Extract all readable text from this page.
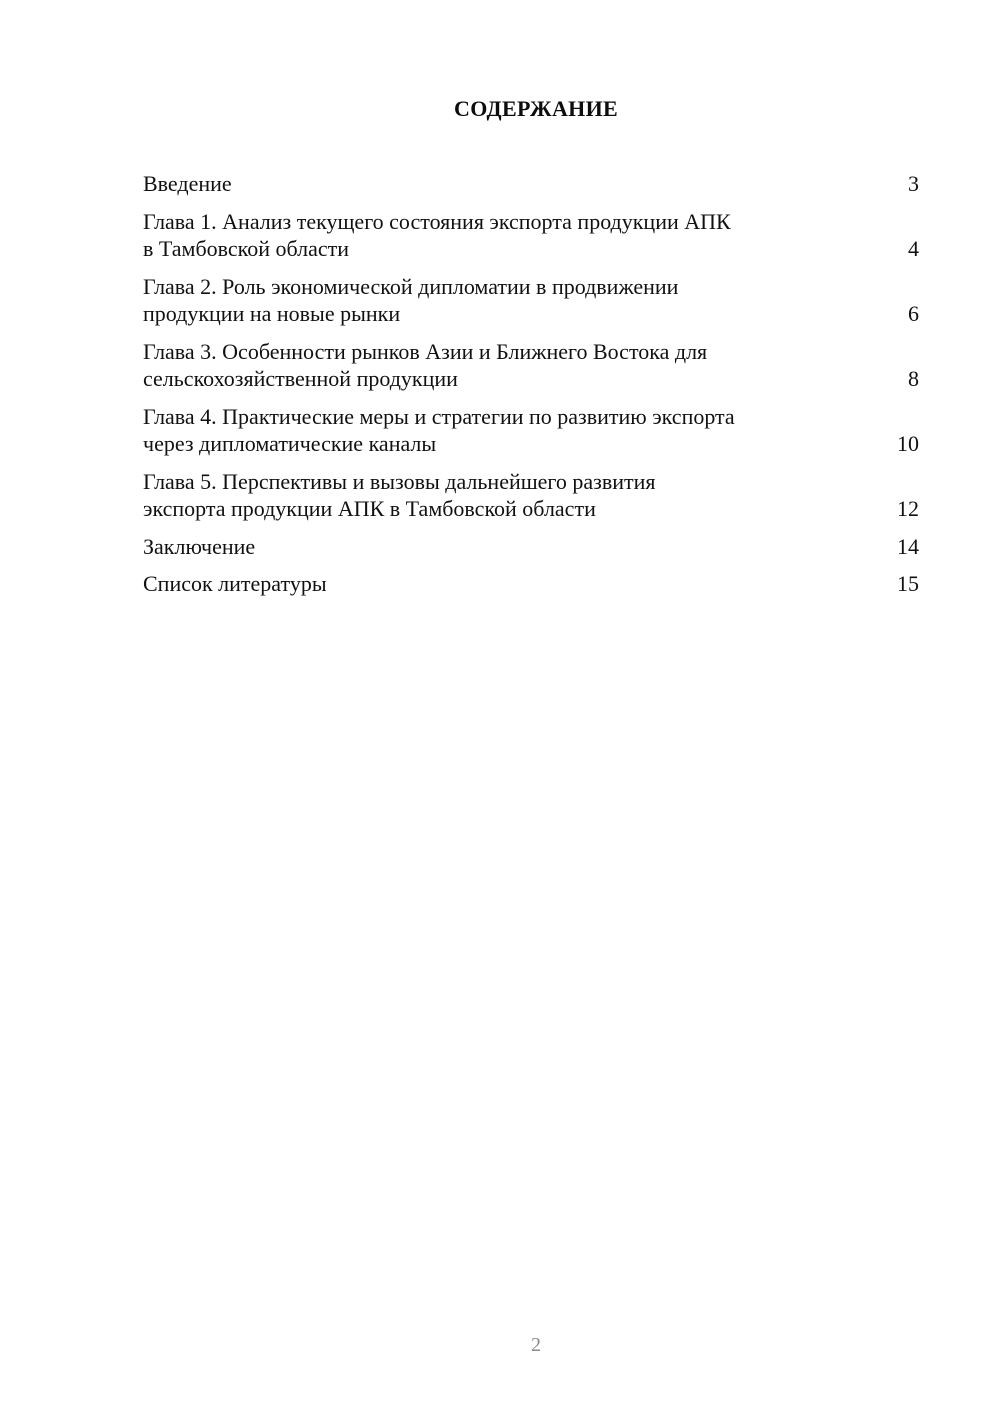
СОДЕРЖАНИЕ
Введение	3
Глава 1. Анализ текущего состояния экспорта продукции АПК
в Тамбовской области	4
Глава 2. Роль экономической дипломатии в продвижении
продукции на новые рынки	6
Глава 3. Особенности рынков Азии и Ближнего Востока для
сельскохозяйственной продукции	8
Глава 4. Практические меры и стратегии по развитию экспорта
через дипломатические каналы	10
Глава 5. Перспективы и вызовы дальнейшего развития
экспорта продукции АПК в Тамбовской области	12
Заключение	14
Список литературы	15
2
